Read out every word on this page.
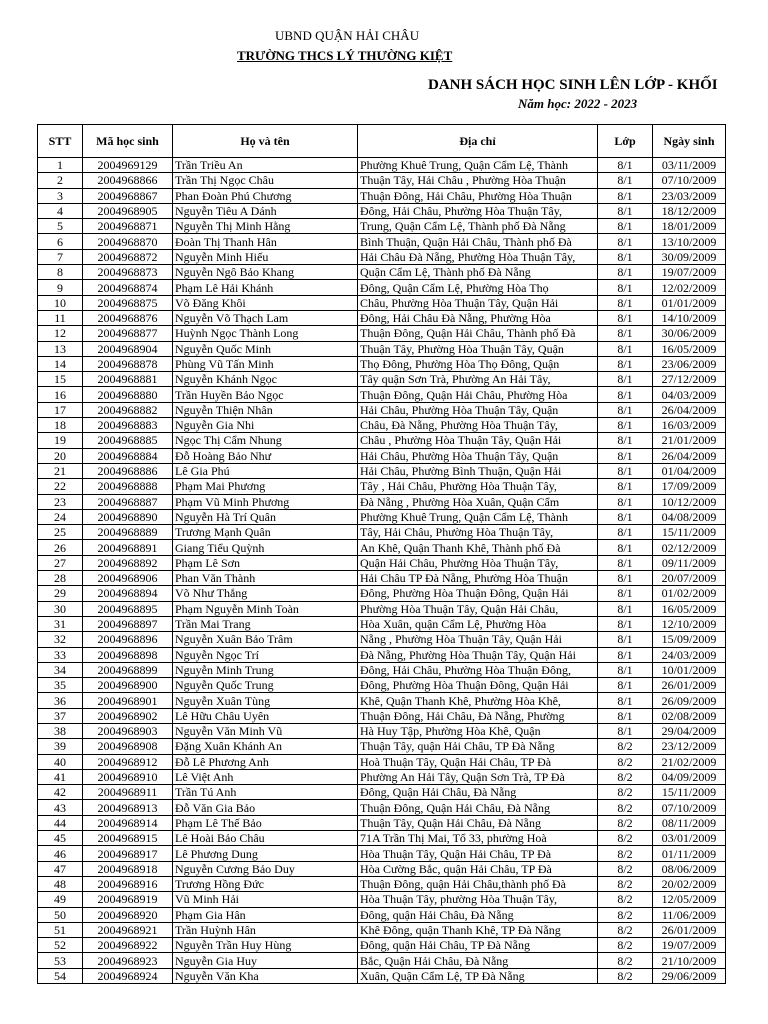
UBND QUẬN HẢI CHÂU
TRƯỜNG THCS LÝ THƯỜNG KIỆT
DANH SÁCH HỌC SINH LÊN LỚP - KHỐI
Năm học: 2022 - 2023
STT	Mã học sinh	Họ và tên	Địa chỉ	Lớp	Ngày sinh
1	2004969129	Trần Triều An	Phường Khuê Trung, Quận Cẩm Lệ, Thành	8/1	03/11/2009
2	2004968866	Trần Thị Ngọc Châu	Thuận Tây, Hải Châu , Phường Hòa Thuận	8/1	07/10/2009
3	2004968867	Phan Đoàn Phú Chương	Thuận Đông, Hải Châu, Phường Hòa Thuận	8/1	23/03/2009
4	2004968905	Nguyễn Tiêu A Dánh	Đông, Hải Châu, Phường Hòa Thuận Tây,	8/1	18/12/2009
5	2004968871	Nguyễn Thị Minh Hằng	Trung, Quận Cẩm Lệ, Thành phố Đà Nẵng	8/1	18/01/2009
6	2004968870	Đoàn Thị Thanh Hân	Bình Thuận, Quận Hải Châu, Thành phố Đà	8/1	13/10/2009
7	2004968872	Nguyễn Minh Hiếu	Hải Châu Đà Nẵng, Phường Hòa Thuận Tây,	8/1	30/09/2009
8	2004968873	Nguyễn Ngô Bảo Khang	Quận Cẩm Lệ, Thành phố Đà Nẵng	8/1	19/07/2009
9	2004968874	Phạm Lê Hải Khánh	Đông, Quận Cẩm Lệ, Phường Hòa Thọ	8/1	12/02/2009
10	2004968875	Võ Đăng Khôi	Châu, Phường Hòa Thuận Tây, Quận Hải	8/1	01/01/2009
11	2004968876	Nguyễn Võ Thạch Lam	Đông, Hải Châu Đà Nẵng, Phường Hòa	8/1	14/10/2009
12	2004968877	Huỳnh Ngọc Thành Long	Thuận Đông, Quận Hải Châu, Thành phố Đà	8/1	30/06/2009
13	2004968904	Nguyễn Quốc Minh	Thuận Tây, Phường Hòa Thuận Tây, Quận	8/1	16/05/2009
14	2004968878	Phùng Vũ Tấn Minh	Thọ Đông, Phường Hòa Thọ Đông, Quận	8/1	23/06/2009
15	2004968881	Nguyễn Khánh Ngọc	Tây quận Sơn Trà, Phường An Hải Tây,	8/1	27/12/2009
16	2004968880	Trần Huyền Bảo Ngọc	Thuận Đông, Quận Hải Châu, Phường Hòa	8/1	04/03/2009
17	2004968882	Nguyễn Thiện Nhân	Hải Châu, Phường Hòa Thuận Tây, Quận	8/1	26/04/2009
18	2004968883	Nguyễn Gia Nhi	Châu, Đà Nẵng, Phường Hòa Thuận Tây,	8/1	16/03/2009
19	2004968885	Ngọc Thị Cẩm Nhung	Châu , Phường Hòa Thuận Tây, Quận Hải	8/1	21/01/2009
20	2004968884	Đỗ Hoàng Bảo Như	Hải Châu, Phường Hòa Thuận Tây, Quận	8/1	26/04/2009
21	2004968886	Lê Gia Phú	Hải Châu, Phường Bình Thuận, Quận Hải	8/1	01/04/2009
22	2004968888	Phạm Mai Phương	Tây , Hải Châu, Phường Hòa Thuận Tây,	8/1	17/09/2009
23	2004968887	Phạm Vũ Minh Phương	Đà Nẵng , Phường Hòa Xuân, Quận Cẩm	8/1	10/12/2009
24	2004968890	Nguyễn Hà Trí Quân	Phường Khuê Trung, Quận Cẩm Lệ, Thành	8/1	04/08/2009
25	2004968889	Trương Mạnh Quân	Tây, Hải Châu, Phường Hòa Thuận Tây,	8/1	15/11/2009
26	2004968891	Giang Tiểu Quỳnh	An Khê, Quận Thanh Khê, Thành phố Đà	8/1	02/12/2009
27	2004968892	Phạm Lê Sơn	Quận Hải Châu, Phường Hòa Thuận Tây,	8/1	09/11/2009
28	2004968906	Phan Văn Thành	Hải Châu TP Đà Nẵng, Phường Hòa Thuận	8/1	20/07/2009
29	2004968894	Võ Như Thắng	Đông, Phường Hòa Thuận Đông, Quận Hải	8/1	01/02/2009
30	2004968895	Phạm Nguyễn Minh Toàn	Phường Hòa Thuận Tây, Quận Hải Châu,	8/1	16/05/2009
31	2004968897	Trần Mai Trang	Hòa Xuân, quận Cẩm Lệ, Phường Hòa	8/1	12/10/2009
32	2004968896	Nguyễn Xuân Bảo Trâm	Nẵng , Phường Hòa Thuận Tây, Quận Hải	8/1	15/09/2009
33	2004968898	Nguyễn Ngọc Trí	Đà Nẵng, Phường Hòa Thuận Tây, Quận Hải	8/1	24/03/2009
34	2004968899	Nguyễn Minh Trung	Đông, Hải Châu, Phường Hòa Thuận Đông,	8/1	10/01/2009
35	2004968900	Nguyễn Quốc Trung	Đông, Phường Hòa Thuận Đông, Quận Hải	8/1	26/01/2009
36	2004968901	Nguyễn Xuân Tùng	Khê, Quận Thanh Khê, Phường Hòa Khê,	8/1	26/09/2009
37	2004968902	Lê Hữu Châu Uyên	Thuận Đông, Hải Châu, Đà Nẵng, Phường	8/1	02/08/2009
38	2004968903	Nguyễn Văn Minh Vũ	Hà Huy Tập, Phường Hòa Khê, Quận	8/1	29/04/2009
39	2004968908	Đặng Xuân Khánh An	Thuận Tây, quận Hải Châu, TP Đà Nẵng	8/2	23/12/2009
40	2004968912	Đỗ Lê Phương Anh	Hoà Thuận Tây, Quận Hải Châu, TP Đà	8/2	21/02/2009
41	2004968910	Lê Việt Anh	Phường An Hải Tây, Quận Sơn Trà, TP Đà	8/2	04/09/2009
42	2004968911	Trần Tú Anh	Đông, Quận Hải Châu, Đà Nẵng	8/2	15/11/2009
43	2004968913	Đỗ Văn Gia Bảo	Thuận Đông, Quận Hải Châu, Đà Nẵng	8/2	07/10/2009
44	2004968914	Phạm Lê Thế Bảo	Thuận Tây, Quận Hải Châu, Đà Nẵng	8/2	08/11/2009
45	2004968915	Lê Hoài Bảo Châu	71A Trần Thị Mai, Tổ 33, phường Hoà	8/2	03/01/2009
46	2004968917	Lê Phương Dung	Hòa Thuận Tây, Quận Hải Châu, TP Đà	8/2	01/11/2009
47	2004968918	Nguyễn Cương Bảo Duy	Hòa Cường Bắc, quận Hải Châu, TP Đà	8/2	08/06/2009
48	2004968916	Trương Hồng Đức	Thuận Đông, quận Hải Châu,thành phố Đà	8/2	20/02/2009
49	2004968919	Vũ Minh Hải	Hòa Thuận Tây, phường Hòa Thuận Tây,	8/2	12/05/2009
50	2004968920	Phạm Gia Hân	Đông, quận Hải Châu, Đà Nẵng	8/2	11/06/2009
51	2004968921	Trần Huỳnh Hân	Khê Đông, quận Thanh Khê, TP Đà Nẵng	8/2	26/01/2009
52	2004968922	Nguyễn Trần Huy Hùng	Đông, quận Hải Châu, TP Đà Nẵng	8/2	19/07/2009
53	2004968923	Nguyễn Gia Huy	Bắc, Quận Hải Châu, Đà Nẵng	8/2	21/10/2009
54	2004968924	Nguyễn Văn Kha	Xuân, Quận Cẩm Lệ, TP Đà Nẵng	8/2	29/06/2009
